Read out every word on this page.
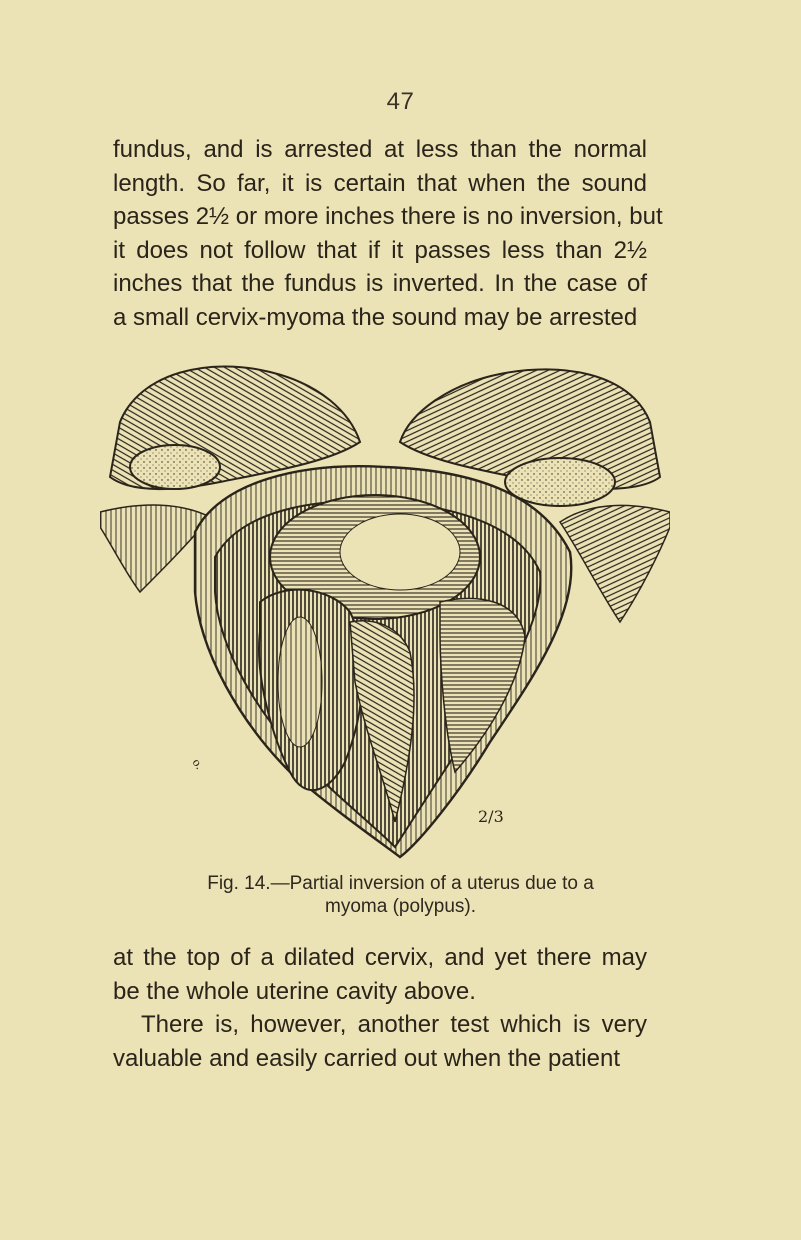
47

fundus, and is arrested at less than the normal
length. So far, it is certain that when the sound
passes 2½ or more inches there is no inversion, but
it does not follow that if it passes less than 2½
inches that the fundus is inverted. In the case of
a small cervix-myoma the sound may be arrested

o.
2/3
Fig. 14.—Partial inversion of a uterus due to a
myoma (polypus).

at the top of a dilated cervix, and yet there may
be the whole uterine cavity above.
There is, however, another test which is very
valuable and easily carried out when the patient
